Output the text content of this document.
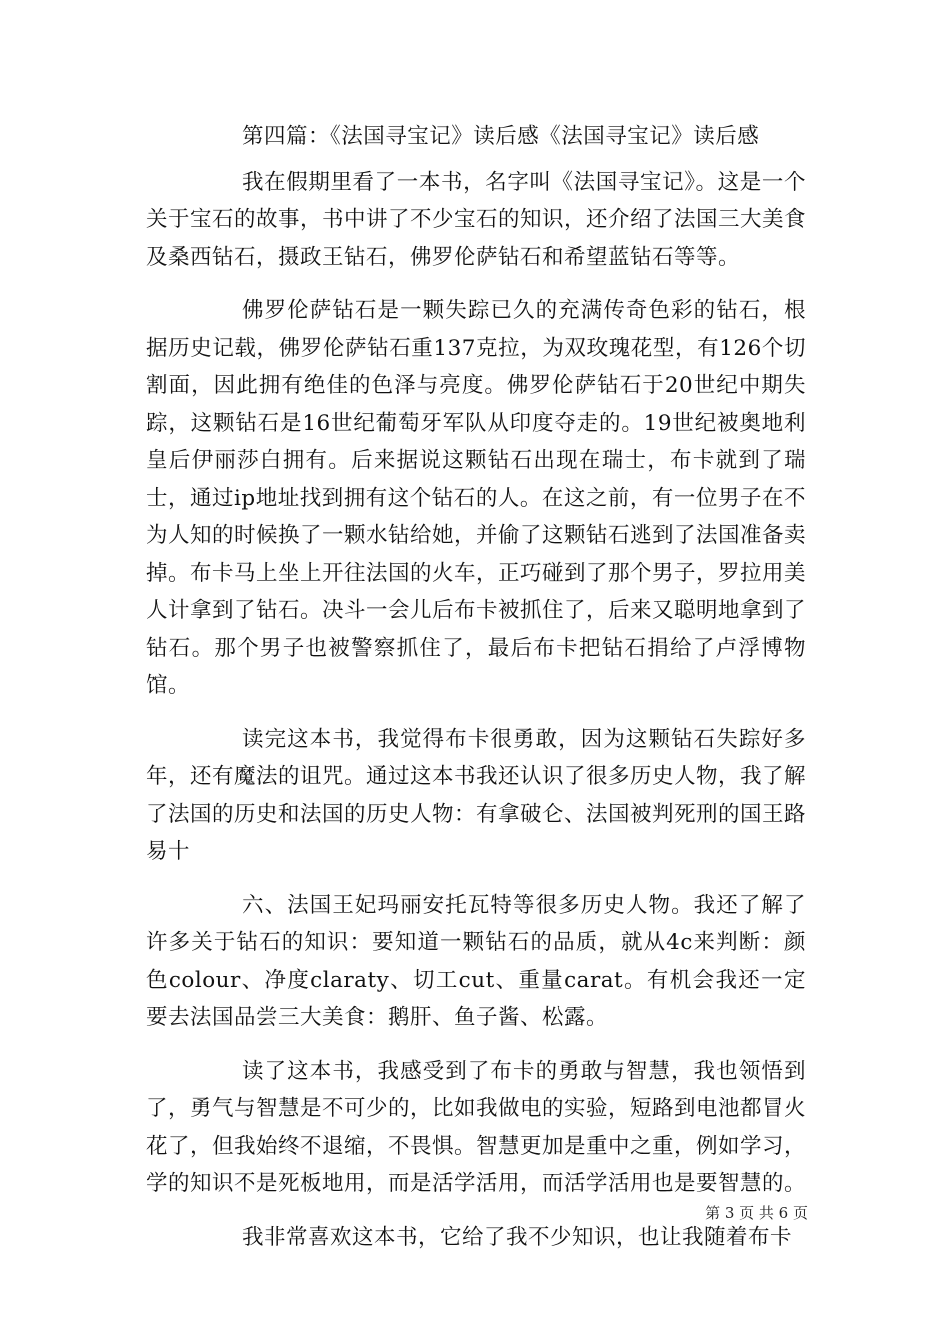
第四篇：《法国寻宝记》读后感《法国寻宝记》读后感

我在假期里看了一本书，名字叫《法国寻宝记》。这是一个关于宝石的故事，书中讲了不少宝石的知识，还介绍了法国三大美食及桑西钻石，摄政王钻石，佛罗伦萨钻石和希望蓝钻石等等。

佛罗伦萨钻石是一颗失踪已久的充满传奇色彩的钻石，根据历史记载，佛罗伦萨钻石重137克拉，为双玫瑰花型，有126个切割面，因此拥有绝佳的色泽与亮度。佛罗伦萨钻石于20世纪中期失踪，这颗钻石是16世纪葡萄牙军队从印度夺走的。19世纪被奥地利皇后伊丽莎白拥有。后来据说这颗钻石出现在瑞士，布卡就到了瑞士，通过ip地址找到拥有这个钻石的人。在这之前，有一位男子在不为人知的时候换了一颗水钻给她，并偷了这颗钻石逃到了法国准备卖掉。布卡马上坐上开往法国的火车，正巧碰到了那个男子，罗拉用美人计拿到了钻石。决斗一会儿后布卡被抓住了，后来又聪明地拿到了钻石。那个男子也被警察抓住了，最后布卡把钻石捐给了卢浮博物馆。

读完这本书，我觉得布卡很勇敢，因为这颗钻石失踪好多年，还有魔法的诅咒。通过这本书我还认识了很多历史人物，我了解了法国的历史和法国的历史人物：有拿破仑、法国被判死刑的国王路易十

六、法国王妃玛丽安托瓦特等很多历史人物。我还了解了许多关于钻石的知识：要知道一颗钻石的品质，就从4c来判断：颜色colour、净度claraty、切工cut、重量carat。有机会我还一定要去法国品尝三大美食：鹅肝、鱼子酱、松露。

读了这本书，我感受到了布卡的勇敢与智慧，我也领悟到了，勇气与智慧是不可少的，比如我做电的实验，短路到电池都冒火花了，但我始终不退缩，不畏惧。智慧更加是重中之重，例如学习，学的知识不是死板地用，而是活学活用，而活学活用也是要智慧的。

我非常喜欢这本书，它给了我不少知识，也让我随着布卡

第 3 页 共 6 页
